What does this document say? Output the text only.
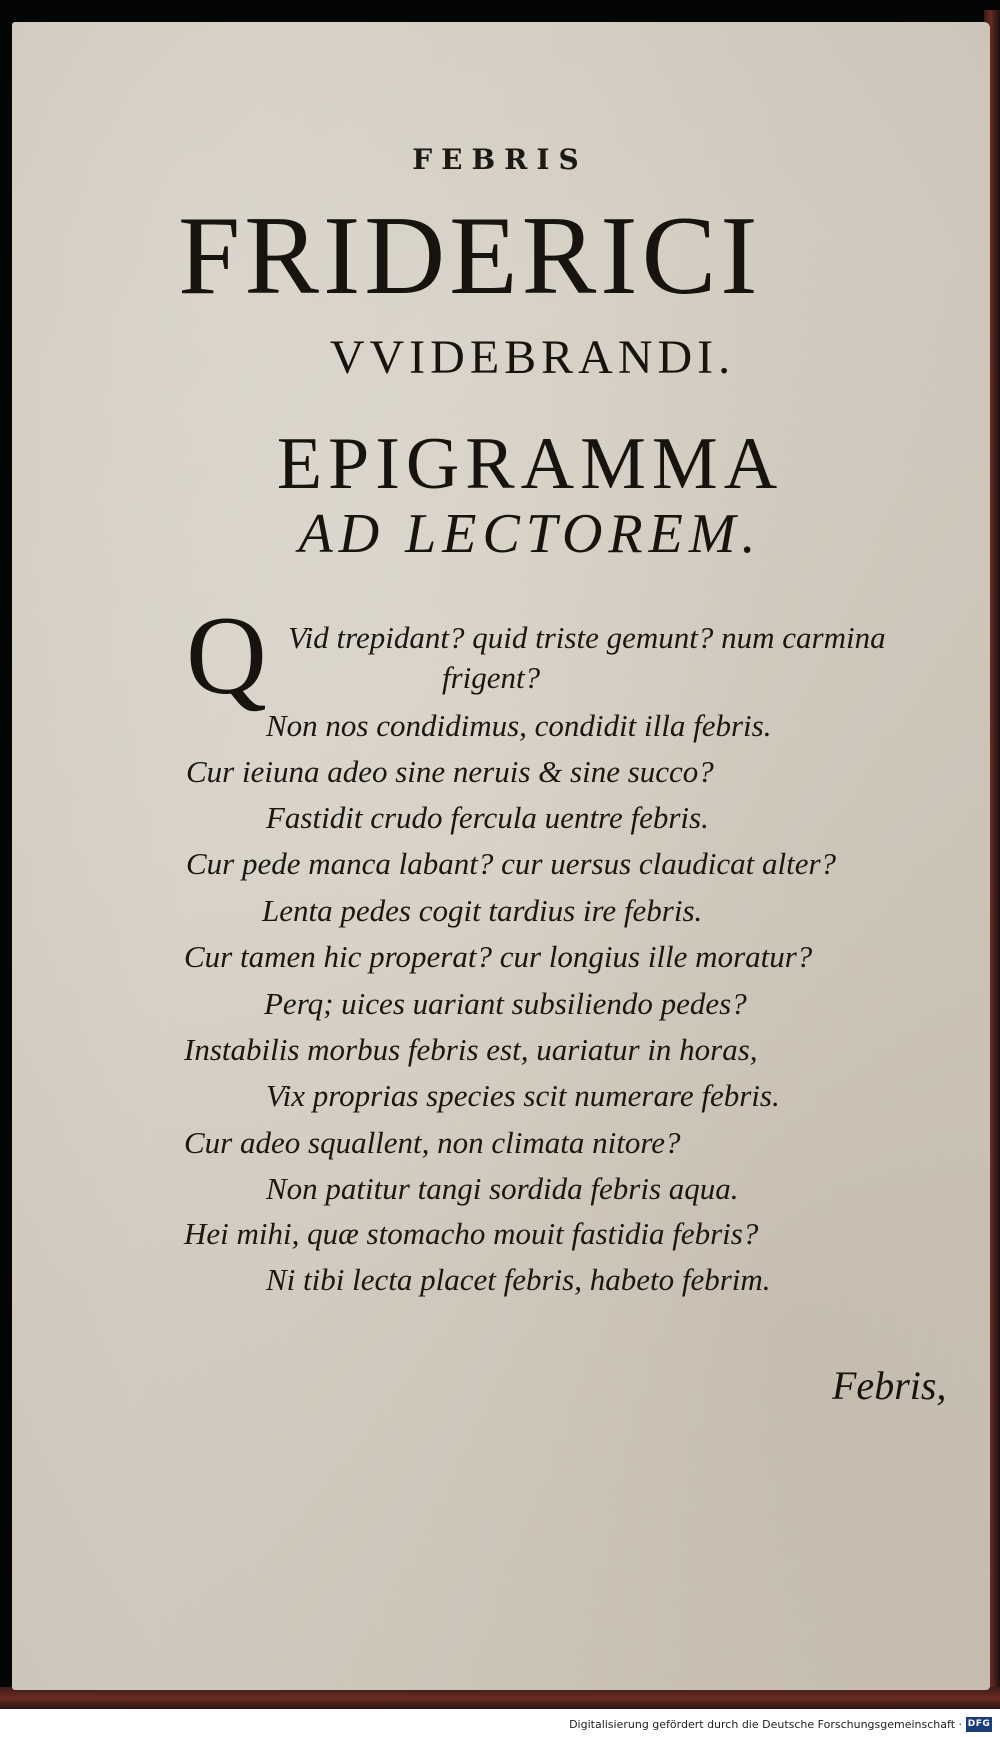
FEBRIS
FRIDERICI
VVIDEBRANDI.
EPIGRAMMA
AD LECTOREM.
Q Vid trepidant? quid triste gemunt? num carmina
frigent?
Non nos condidimus, condidit illa febris.
Cur ieiuna adeo sine neruis & sine succo?
Fastidit crudo fercula uentre febris.
Cur pede manca labant? cur uersus claudicat alter?
Lenta pedes cogit tardius ire febris.
Cur tamen hic properat? cur longius ille moratur?
Perq; uices uariant subsiliendo pedes?
Instabilis morbus febris est, uariatur in horas,
Vix proprias species scit numerare febris.
Cur adeo squallent, non climata nitore?
Non patitur tangi sordida febris aqua.
Hei mihi, quæ stomacho mouit fastidia febris?
Ni tibi lecta placet febris, habeto febrim.
Febris,
Digitalisierung gefördert durch die Deutsche Forschungsgemeinschaft · DFG
